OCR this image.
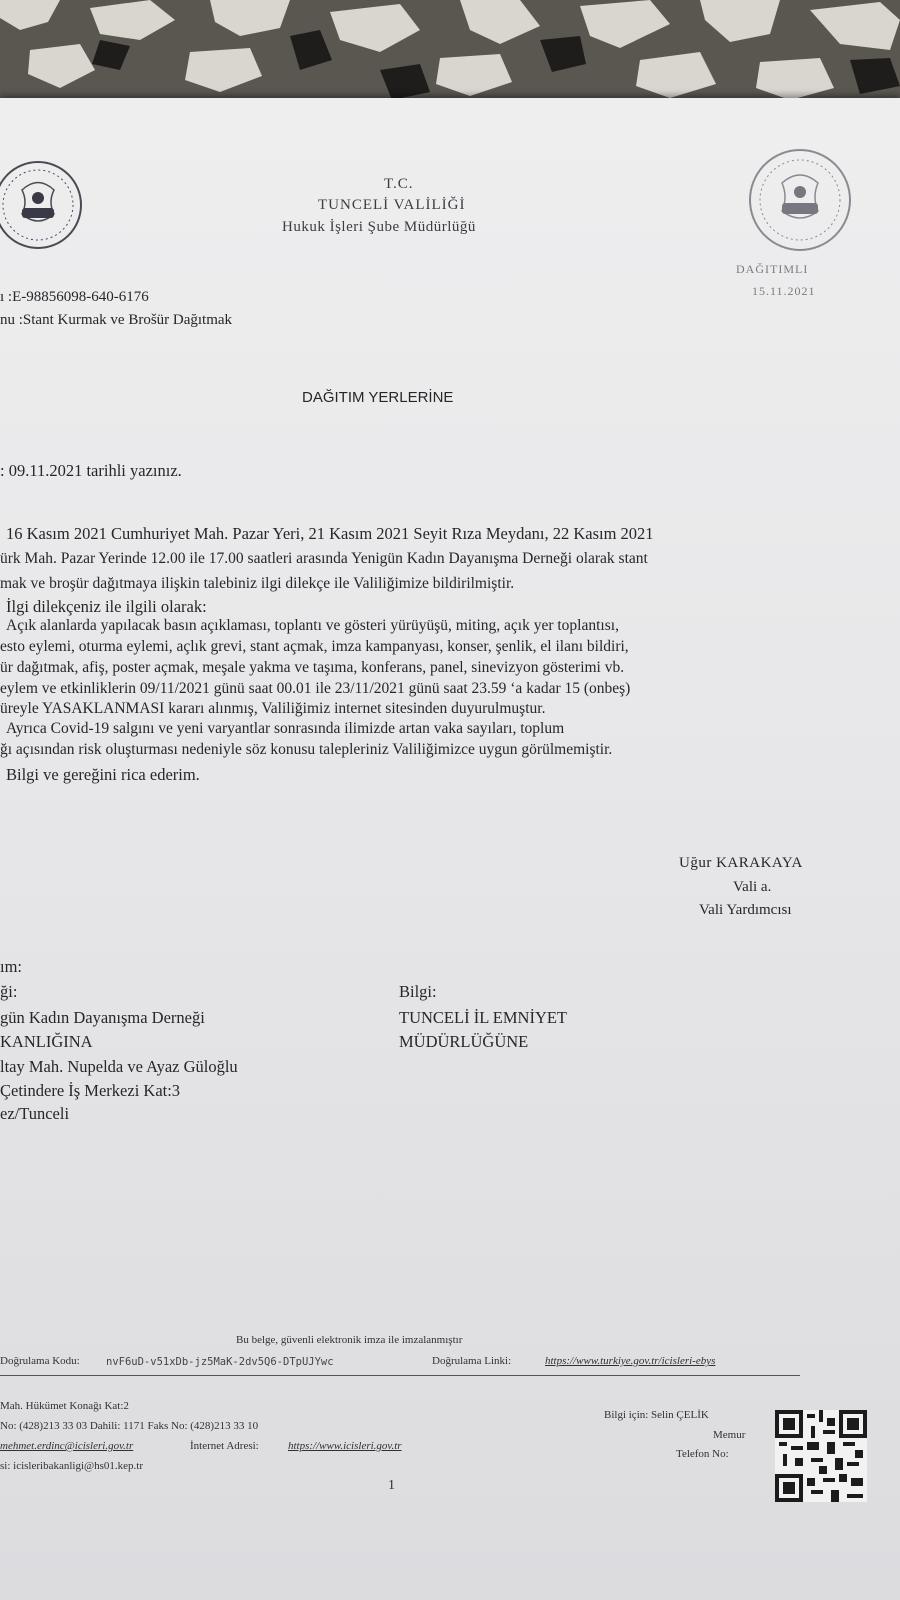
DAĞITIMLI
15.11.2021
T.C.
TUNCELİ VALİLİĞİ
Hukuk İşleri Şube Müdürlüğü
ı :E-98856098-640-6176
nu :Stant Kurmak ve Brošür Dağıtmak
DAĞITIM YERLERİNE
: 09.11.2021 tarihli yazınız.
16 Kasım 2021 Cumhuriyet Mah. Pazar Yeri, 21 Kasım 2021 Seyit Rıza Meydanı, 22 Kasım 2021
ürk Mah. Pazar Yerinde 12.00 ile 17.00 saatleri arasında Yenigün Kadın Dayanışma Derneği olarak stant
mak ve broşür dağıtmaya ilişkin talebiniz ilgi dilekçe ile Valiliğimize bildirilmiştir.
İlgi dilekçeniz ile ilgili olarak:
Açık alanlarda yapılacak basın açıklaması, toplantı ve gösteri yürüyüşü, miting, açık yer toplantısı,
esto eylemi, oturma eylemi, açlık grevi, stant açmak, imza kampanyası, konser, şenlik, el ilanı bildiri,
ür dağıtmak, afiş, poster açmak, meşale yakma ve taşıma, konferans, panel, sinevizyon gösterimi vb.
eylem ve etkinliklerin 09/11/2021 günü saat 00.01 ile 23/11/2021 günü saat 23.59 ‘a kadar 15 (onbeş)
üreyle YASAKLANMASI kararı alınmış, Valiliğimiz internet sitesinden duyurulmuştur.
Ayrıca Covid-19 salgını ve yeni varyantlar sonrasında ilimizde artan vaka sayıları, toplum
ğı açısından risk oluşturması nedeniyle söz konusu talepleriniz Valiliğimizce uygun görülmemiştir.
Bilgi ve gereğini rica ederim.
Uğur KARAKAYA
Vali a.
Vali Yardımcısı
ım:
ği:
gün Kadın Dayanışma Derneği
KANLIĞINA
ltay Mah. Nupelda ve Ayaz Güloğlu
Çetindere İş Merkezi Kat:3
ez/Tunceli
Bilgi:
TUNCELİ İL EMNİYET
MÜDÜRLÜĞÜNE
Bu belge, güvenli elektronik imza ile imzalanmıştır
Doğrulama Kodu:	nvF6uD-v51xDb-jz5MaK-2dv5Q6-DTpUJYwc	Doğrulama Linki:	https://www.turkiye.gov.tr/icisleri-ebys
Mah. Hükümet Konağı Kat:2
No: (428)213 33 03 Dahili: 1171 Faks No: (428)213 33 10
mehmet.erdinc@icisleri.gov.tr	İnternet Adresi:	https://www.icisleri.gov.tr
si: icisleribakanligi@hs01.kep.tr
1
Bilgi için: Selin ÇELİK
Memur
Telefon No:
